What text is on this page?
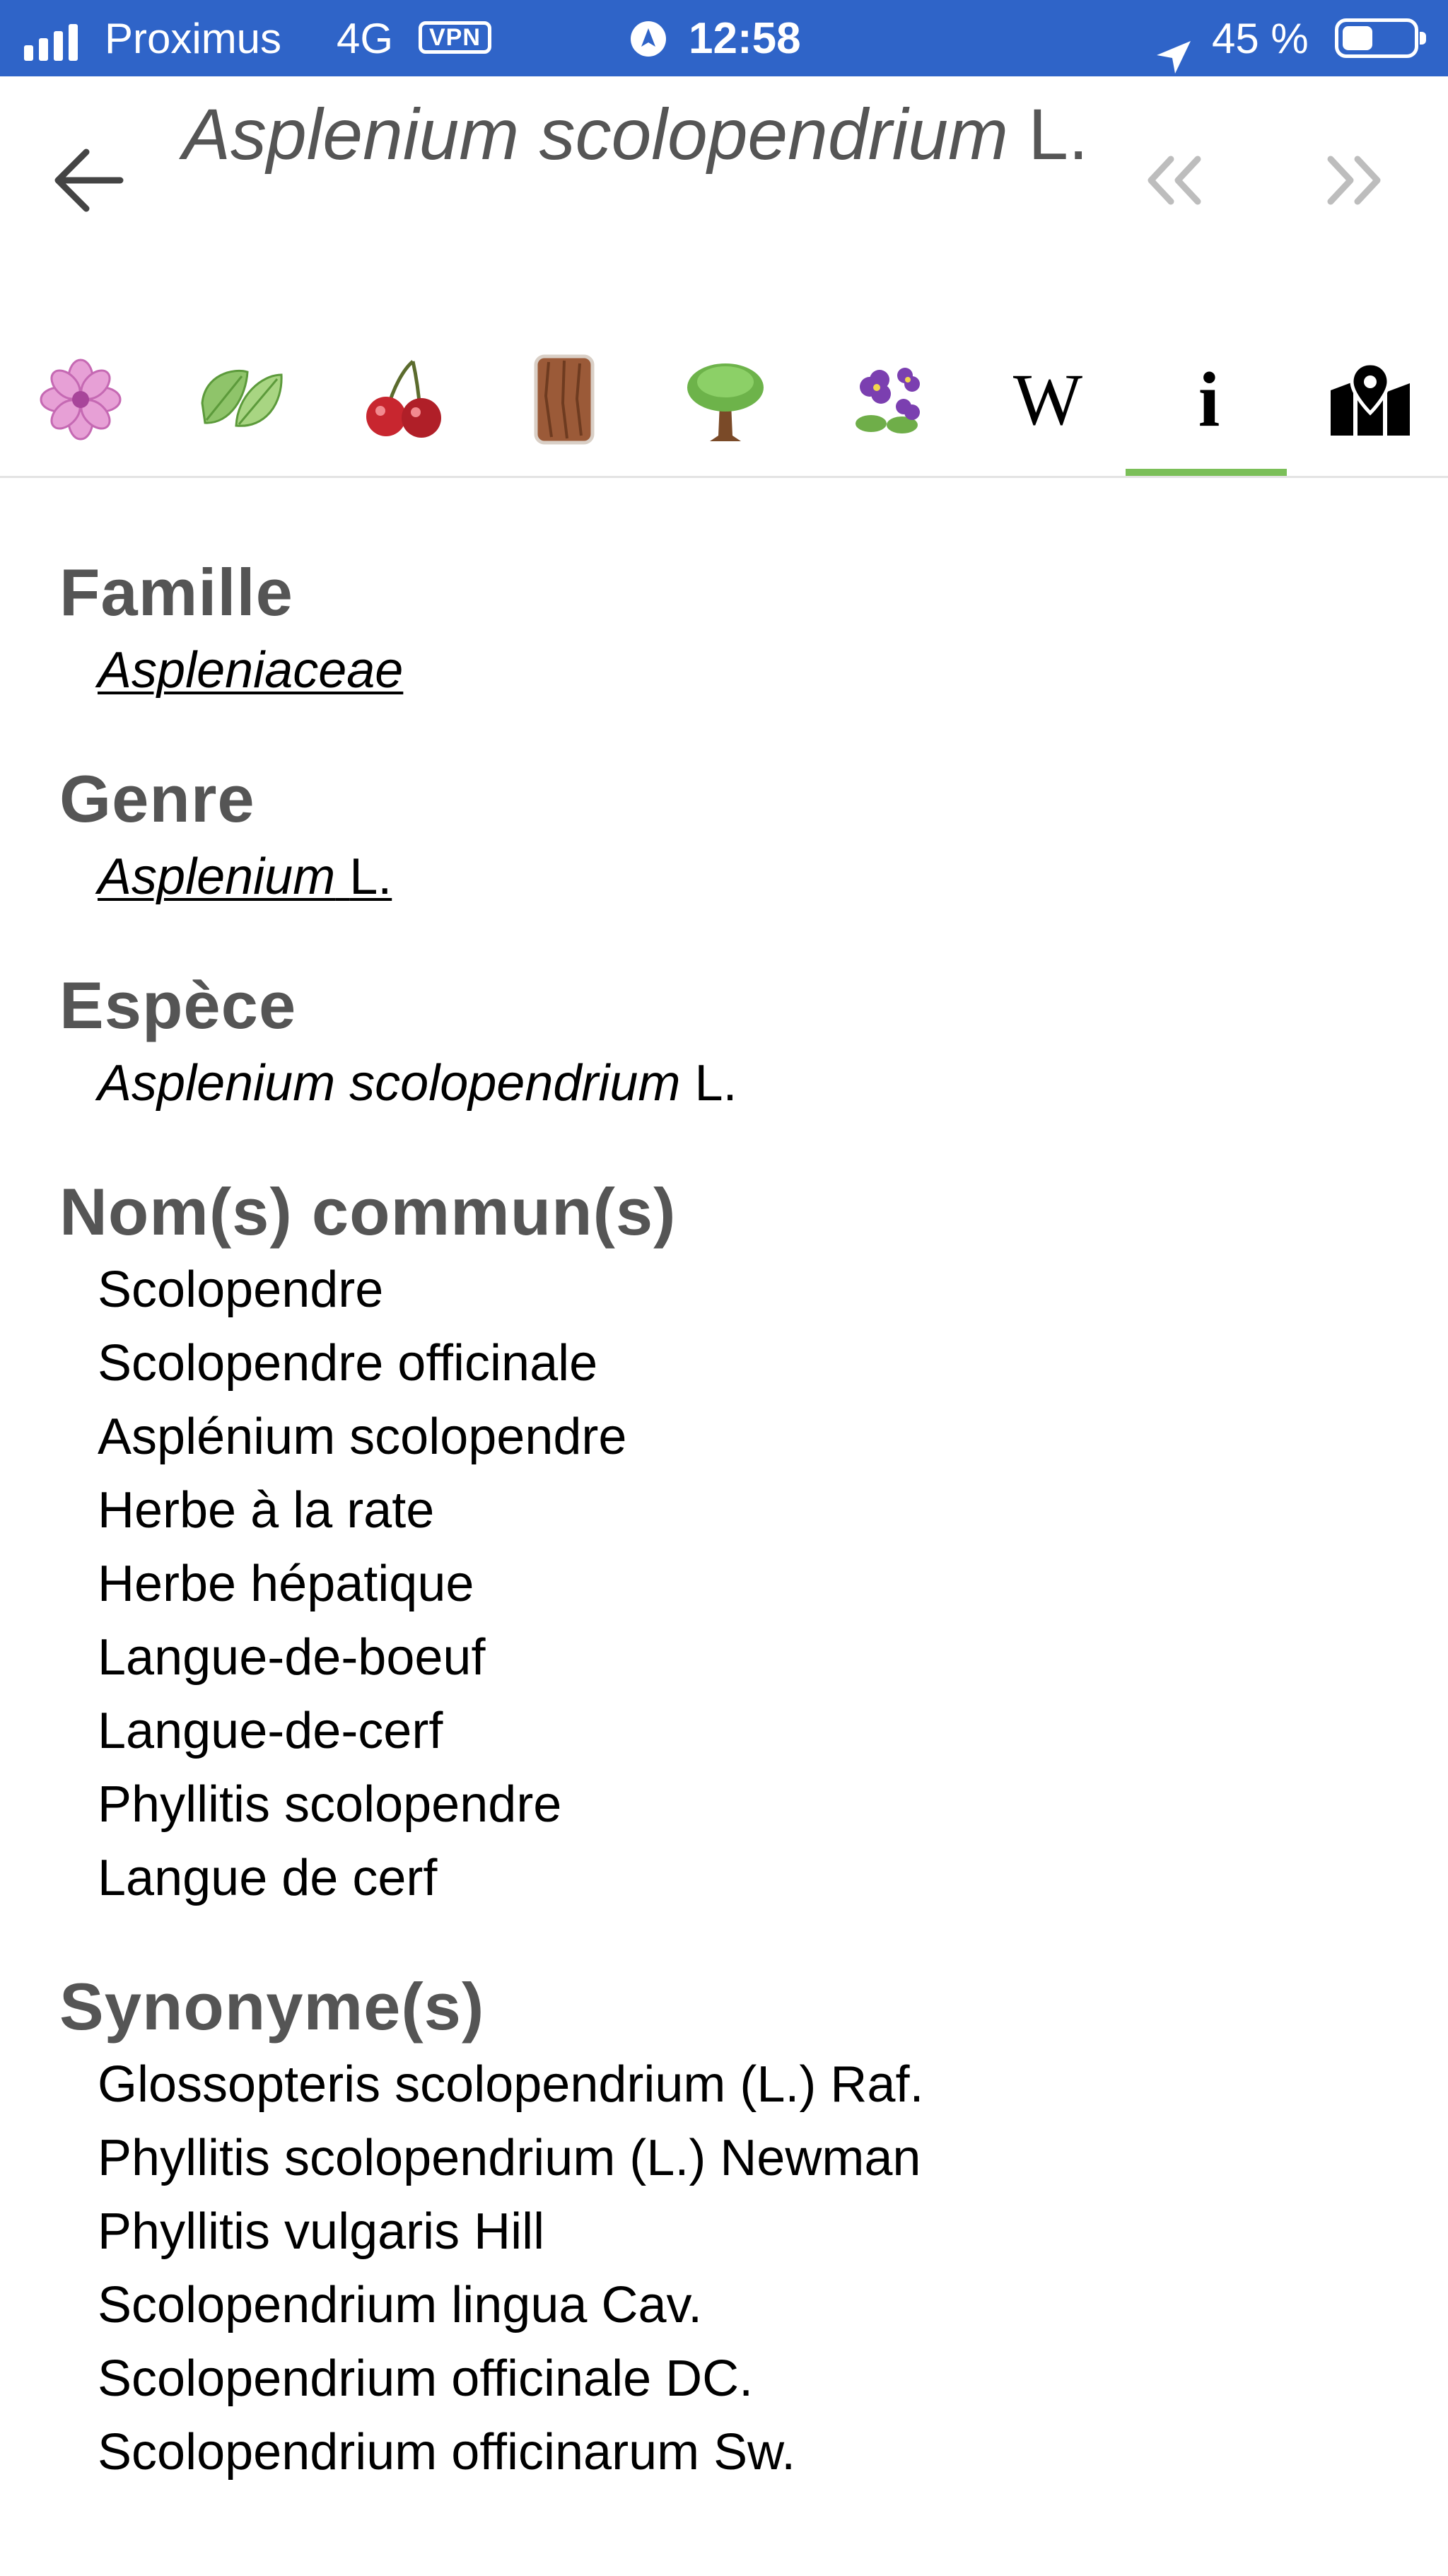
Proximus 4G	VPN	12:58	45 %
Asplenium scolopendrium L.
W i
Famille
Aspleniaceae
Genre
Asplenium L.
Espèce
Asplenium scolopendrium L.
Nom(s) commun(s)
Scolopendre
Scolopendre officinale
Asplénium scolopendre
Herbe à la rate
Herbe hépatique
Langue-de-boeuf
Langue-de-cerf
Phyllitis scolopendre
Langue de cerf
Synonyme(s)
Glossopteris scolopendrium (L.) Raf.
Phyllitis scolopendrium (L.) Newman
Phyllitis vulgaris Hill
Scolopendrium lingua Cav.
Scolopendrium officinale DC.
Scolopendrium officinarum Sw.
